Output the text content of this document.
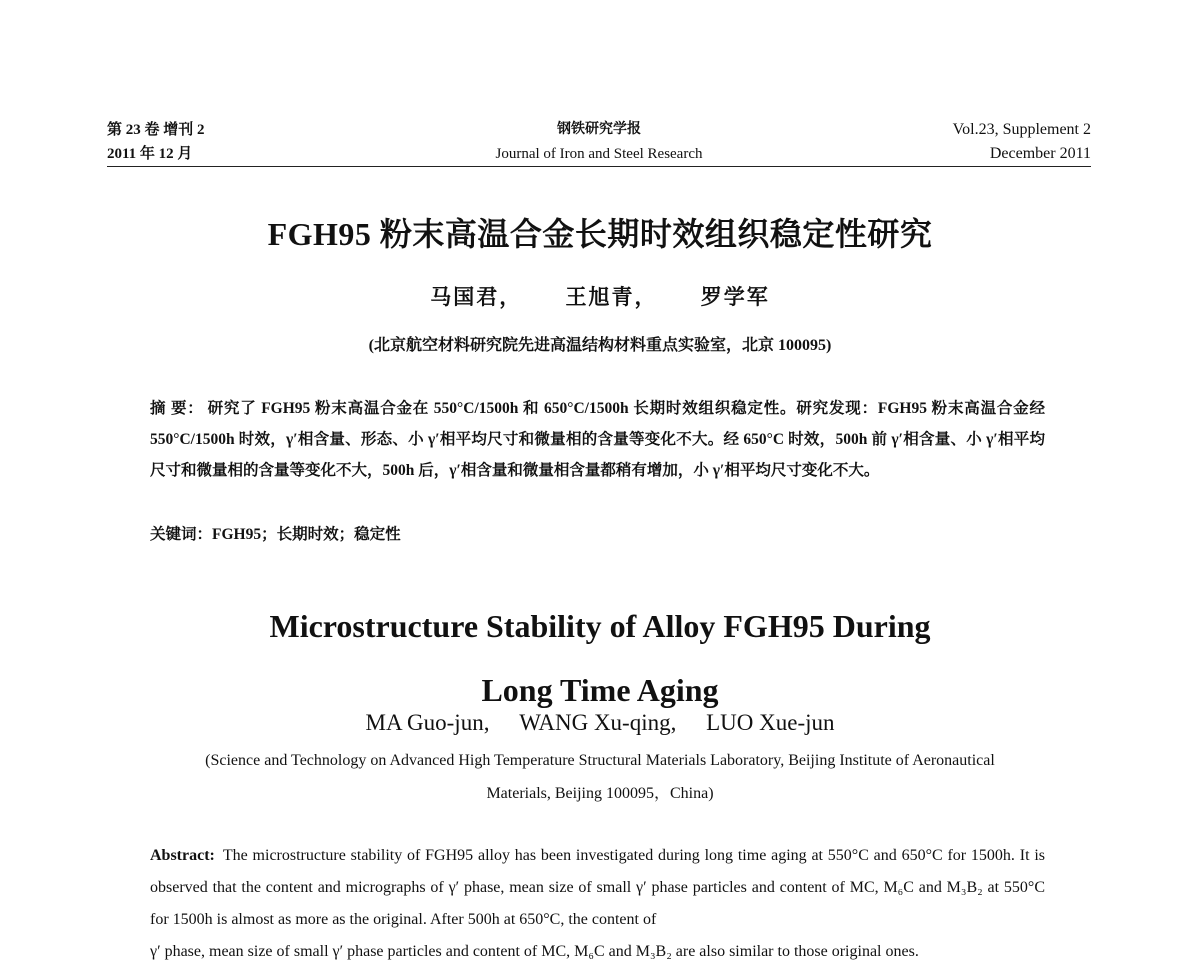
第 23 卷 增刊 2
2011 年 12 月
钢铁研究学报
Journal of Iron and Steel Research
Vol.23, Supplement 2
December 2011
FGH95 粉末高温合金长期时效组织稳定性研究
马国君， 王旭青， 罗学军
(北京航空材料研究院先进高温结构材料重点实验室，北京 100095)
摘 要： 研究了 FGH95 粉末高温合金在 550°C/1500h 和 650°C/1500h 长期时效组织稳定性。研究发现：FGH95 粉末高温合金经 550°C/1500h 时效，γ′相含量、形态、小 γ′相平均尺寸和微量相的含量等变化不大。经 650°C 时效，500h 前 γ′相含量、小 γ′相平均尺寸和微量相的含量等变化不大，500h 后，γ′相含量和微量相含量都稍有增加，小 γ′相平均尺寸变化不大。
关键词：FGH95；长期时效；稳定性
Microstructure Stability of Alloy FGH95 During
Long Time Aging
MA Guo-jun, WANG Xu-qing, LUO Xue-jun
(Science and Technology on Advanced High Temperature Structural Materials Laboratory, Beijing Institute of Aeronautical Materials, Beijing 100095，China)
Abstract: The microstructure stability of FGH95 alloy has been investigated during long time aging at 550°C and 650°C for 1500h. It is observed that the content and micrographs of γ′ phase, mean size of small γ′ phase particles and content of MC, M₆C and M₃B₂ at 550°C for 1500h is almost as more as the original. After 500h at 650°C, the content of
γ′ phase, mean size of small γ′ phase particles and content of MC, M₆C and M₃B₂ are also similar to those original ones.
